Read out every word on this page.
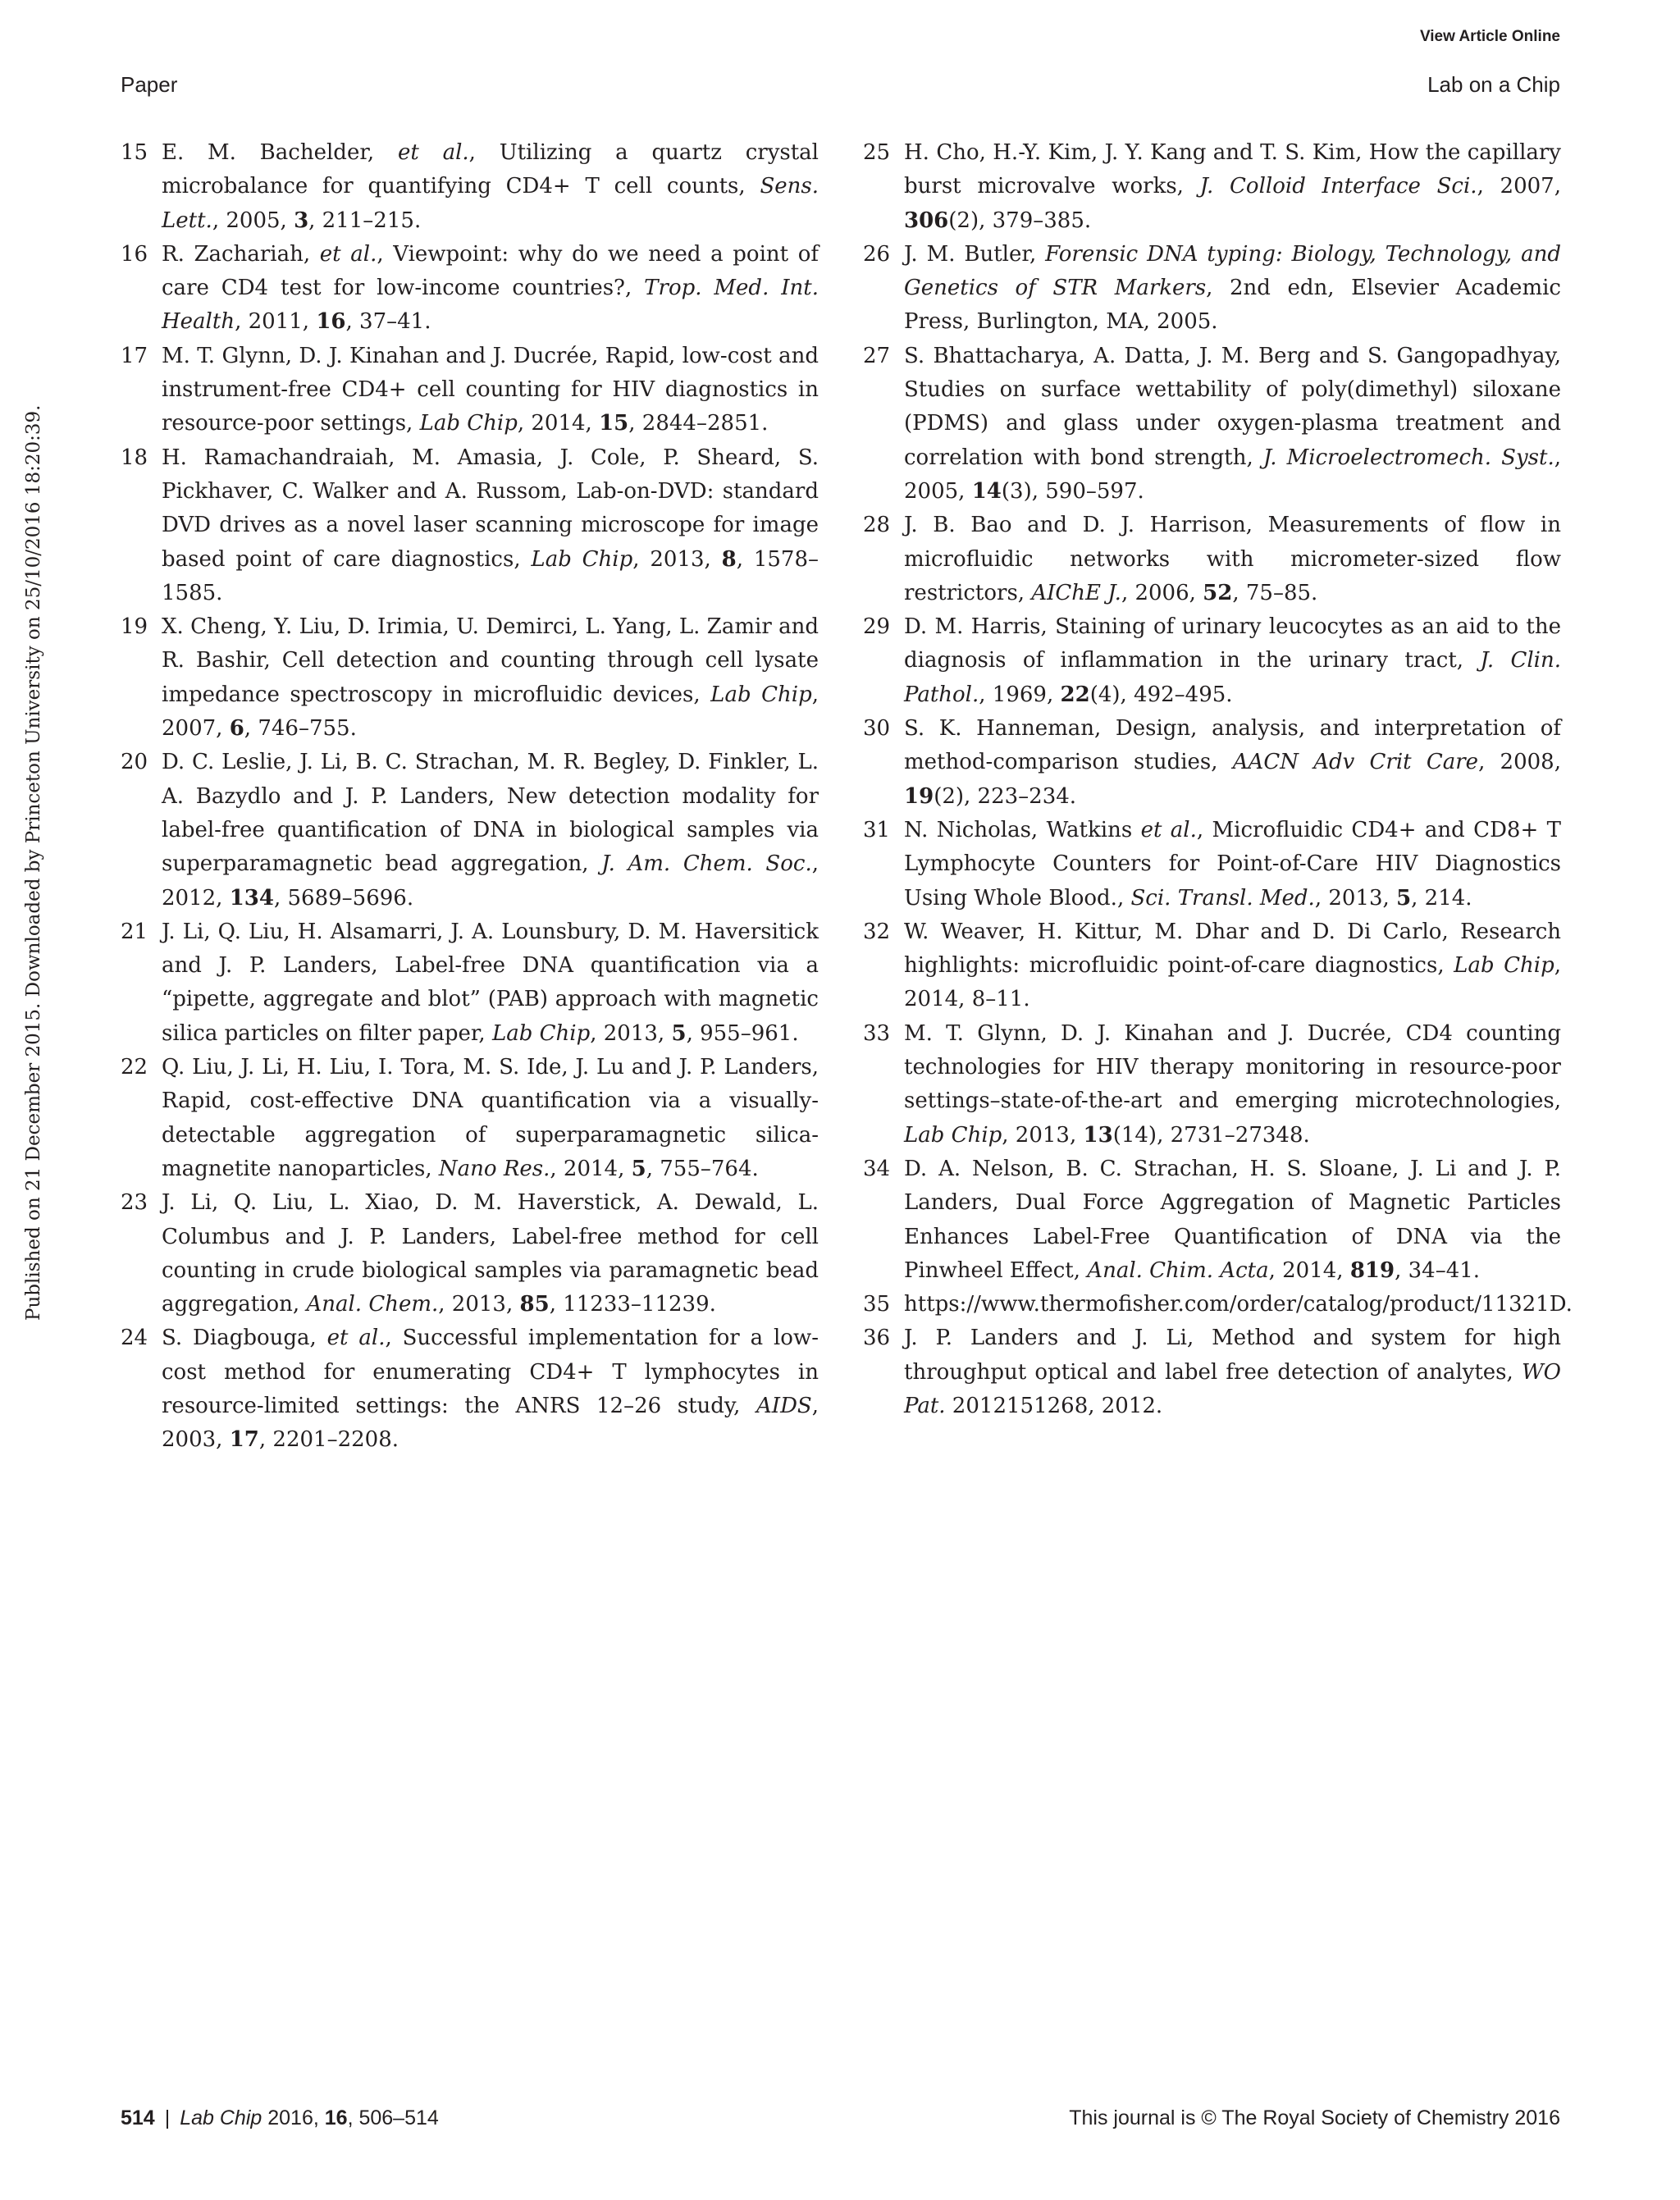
View Article Online
Paper	Lab on a Chip
Published on 21 December 2015. Downloaded by Princeton University on 25/10/2016 18:20:39.

15 E. M. Bachelder, et al., Utilizing a quartz crystal microbalance for quantifying CD4+ T cell counts, Sens. Lett., 2005, 3, 211–215.

16 R. Zachariah, et al., Viewpoint: why do we need a point of care CD4 test for low-income countries?, Trop. Med. Int. Health, 2011, 16, 37–41.

17 M. T. Glynn, D. J. Kinahan and J. Ducrée, Rapid, low-cost and instrument-free CD4+ cell counting for HIV diagnostics in resource-poor settings, Lab Chip, 2014, 15, 2844–2851.

18 H. Ramachandraiah, M. Amasia, J. Cole, P. Sheard, S. Pickhaver, C. Walker and A. Russom, Lab-on-DVD: standard DVD drives as a novel laser scanning microscope for image based point of care diagnostics, Lab Chip, 2013, 8, 1578–1585.

19 X. Cheng, Y. Liu, D. Irimia, U. Demirci, L. Yang, L. Zamir and R. Bashir, Cell detection and counting through cell lysate impedance spectroscopy in microfluidic devices, Lab Chip, 2007, 6, 746–755.

20 D. C. Leslie, J. Li, B. C. Strachan, M. R. Begley, D. Finkler, L. A. Bazydlo and J. P. Landers, New detection modality for label-free quantification of DNA in biological samples via superparamagnetic bead aggregation, J. Am. Chem. Soc., 2012, 134, 5689–5696.

21 J. Li, Q. Liu, H. Alsamarri, J. A. Lounsbury, D. M. Haversitick and J. P. Landers, Label-free DNA quantification via a “pipette, aggregate and blot” (PAB) approach with magnetic silica particles on filter paper, Lab Chip, 2013, 5, 955–961.

22 Q. Liu, J. Li, H. Liu, I. Tora, M. S. Ide, J. Lu and J. P. Landers, Rapid, cost-effective DNA quantification via a visually-detectable aggregation of superparamagnetic silica-magnetite nanoparticles, Nano Res., 2014, 5, 755–764.

23 J. Li, Q. Liu, L. Xiao, D. M. Haverstick, A. Dewald, L. Columbus and J. P. Landers, Label-free method for cell counting in crude biological samples via paramagnetic bead aggregation, Anal. Chem., 2013, 85, 11233–11239.

24 S. Diagbouga, et al., Successful implementation for a low-cost method for enumerating CD4+ T lymphocytes in resource-limited settings: the ANRS 12–26 study, AIDS, 2003, 17, 2201–2208.

25 H. Cho, H.-Y. Kim, J. Y. Kang and T. S. Kim, How the capillary burst microvalve works, J. Colloid Interface Sci., 2007, 306(2), 379–385.

26 J. M. Butler, Forensic DNA typing: Biology, Technology, and Genetics of STR Markers, 2nd edn, Elsevier Academic Press, Burlington, MA, 2005.

27 S. Bhattacharya, A. Datta, J. M. Berg and S. Gangopadhyay, Studies on surface wettability of poly(dimethyl) siloxane (PDMS) and glass under oxygen-plasma treatment and correlation with bond strength, J. Microelectromech. Syst., 2005, 14(3), 590–597.

28 J. B. Bao and D. J. Harrison, Measurements of flow in microfluidic networks with micrometer-sized flow restrictors, AIChE J., 2006, 52, 75–85.

29 D. M. Harris, Staining of urinary leucocytes as an aid to the diagnosis of inflammation in the urinary tract, J. Clin. Pathol., 1969, 22(4), 492–495.

30 S. K. Hanneman, Design, analysis, and interpretation of method-comparison studies, AACN Adv Crit Care, 2008, 19(2), 223–234.

31 N. Nicholas, Watkins et al., Microfluidic CD4+ and CD8+ T Lymphocyte Counters for Point-of-Care HIV Diagnostics Using Whole Blood., Sci. Transl. Med., 2013, 5, 214.

32 W. Weaver, H. Kittur, M. Dhar and D. Di Carlo, Research highlights: microfluidic point-of-care diagnostics, Lab Chip, 2014, 8–11.

33 M. T. Glynn, D. J. Kinahan and J. Ducrée, CD4 counting technologies for HIV therapy monitoring in resource-poor settings–state-of-the-art and emerging microtechnologies, Lab Chip, 2013, 13(14), 2731–27348.

34 D. A. Nelson, B. C. Strachan, H. S. Sloane, J. Li and J. P. Landers, Dual Force Aggregation of Magnetic Particles Enhances Label-Free Quantification of DNA via the Pinwheel Effect, Anal. Chim. Acta, 2014, 819, 34–41.

35 https://www.thermofisher.com/order/catalog/product/11321D.

36 J. P. Landers and J. Li, Method and system for high throughput optical and label free detection of analytes, WO Pat. 2012151268, 2012.

514 | Lab Chip 2016, 16, 506–514	This journal is © The Royal Society of Chemistry 2016
